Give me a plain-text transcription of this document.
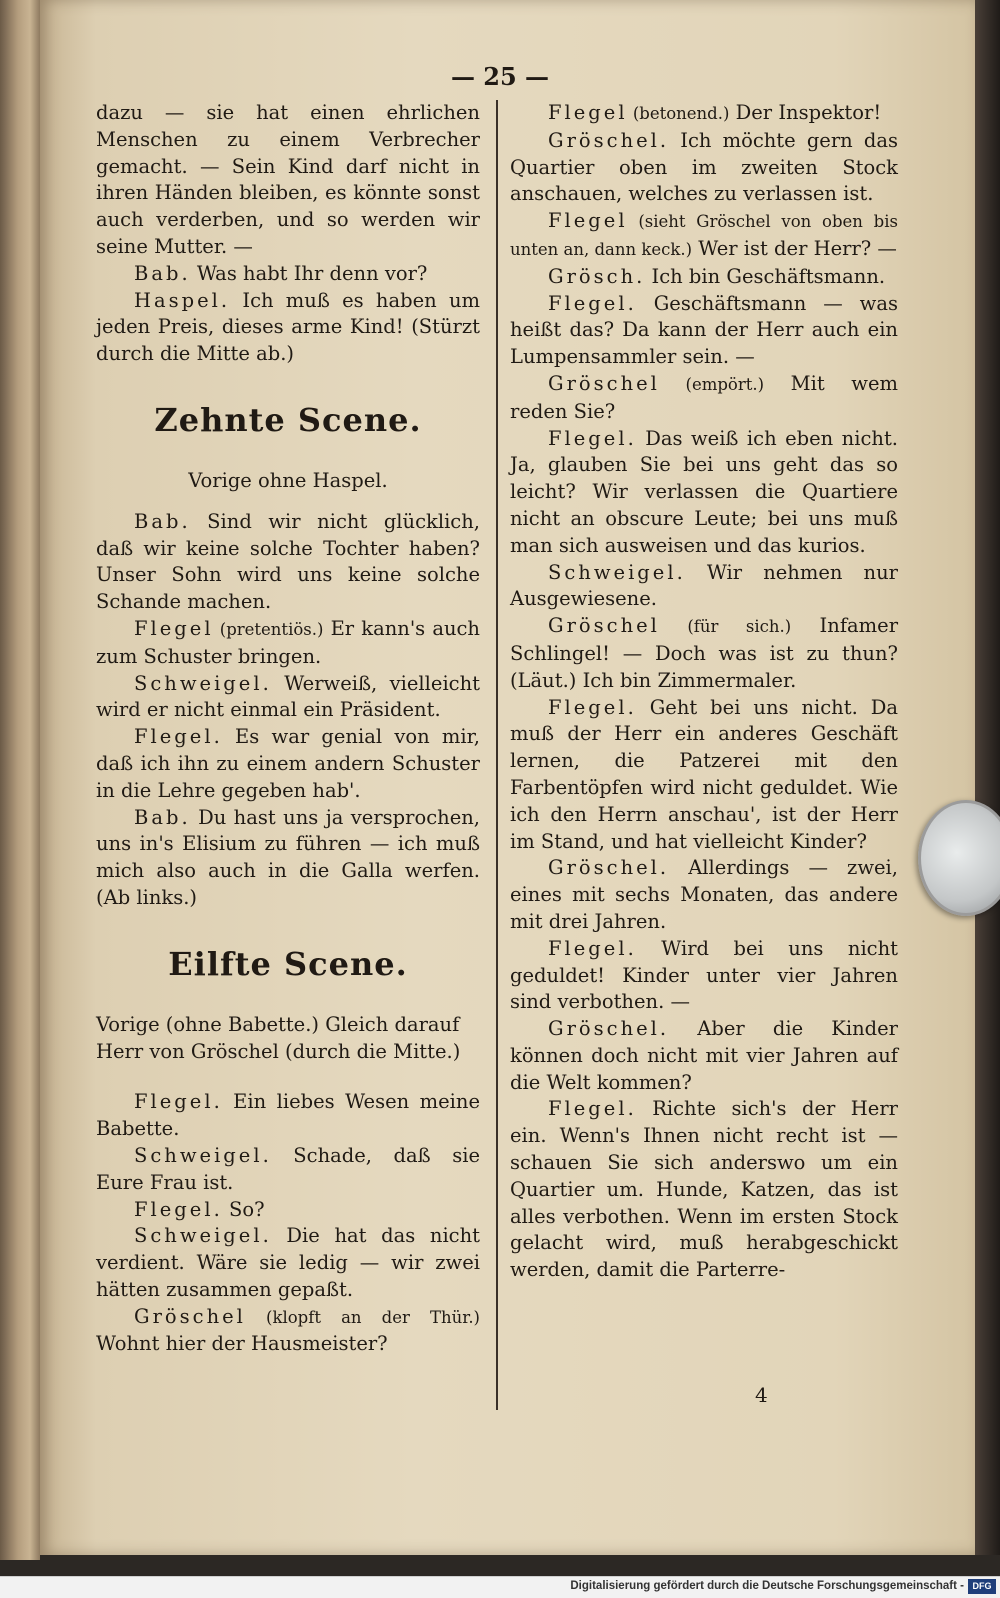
— 25 —

dazu — sie hat einen ehrlichen Menschen zu einem Verbrecher gemacht. — Sein Kind darf nicht in ihren Händen bleiben, es könnte sonst auch verderben, und so werden wir seine Mutter. —

Bab. Was habt Ihr denn vor?

Haspel. Ich muß es haben um jeden Preis, dieses arme Kind! (Stürzt durch die Mitte ab.)

Zehnte Scene.

Vorige ohne Haspel.

Bab. Sind wir nicht glücklich, daß wir keine solche Tochter haben? Unser Sohn wird uns keine solche Schande machen.

Flegel (pretentiös.) Er kann's auch zum Schuster bringen.

Schweigel. Werweiß, vielleicht wird er nicht einmal ein Präsident.

Flegel. Es war genial von mir, daß ich ihn zu einem andern Schuster in die Lehre gegeben hab'.

Bab. Du hast uns ja versprochen, uns in's Elisium zu führen — ich muß mich also auch in die Galla werfen. (Ab links.)

Eilfte Scene.

Vorige (ohne Babette.) Gleich darauf Herr von Gröschel (durch die Mitte.)

Flegel. Ein liebes Wesen meine Babette.

Schweigel. Schade, daß sie Eure Frau ist.

Flegel. So?

Schweigel. Die hat das nicht verdient. Wäre sie ledig — wir zwei hätten zusammen gepaßt.

Gröschel (klopft an der Thür.) Wohnt hier der Hausmeister?

Flegel (betonend.) Der Inspektor!

Gröschel. Ich möchte gern das Quartier oben im zweiten Stock anschauen, welches zu verlassen ist.

Flegel (sieht Gröschel von oben bis unten an, dann keck.) Wer ist der Herr? —

Grösch. Ich bin Geschäftsmann.

Flegel. Geschäftsmann — was heißt das? Da kann der Herr auch ein Lumpensammler sein. —

Gröschel (empört.) Mit wem reden Sie?

Flegel. Das weiß ich eben nicht. Ja, glauben Sie bei uns geht das so leicht? Wir verlassen die Quartiere nicht an obscure Leute; bei uns muß man sich ausweisen und das kurios.

Schweigel. Wir nehmen nur Ausgewiesene.

Gröschel (für sich.) Infamer Schlingel! — Doch was ist zu thun? (Läut.) Ich bin Zimmermaler.

Flegel. Geht bei uns nicht. Da muß der Herr ein anderes Geschäft lernen, die Patzerei mit den Farbentöpfen wird nicht geduldet. Wie ich den Herrn anschau', ist der Herr im Stand, und hat vielleicht Kinder?

Gröschel. Allerdings — zwei, eines mit sechs Monaten, das andere mit drei Jahren.

Flegel. Wird bei uns nicht geduldet! Kinder unter vier Jahren sind verbothen. —

Gröschel. Aber die Kinder können doch nicht mit vier Jahren auf die Welt kommen?

Flegel. Richte sich's der Herr ein. Wenn's Ihnen nicht recht ist — schauen Sie sich anderswo um ein Quartier um. Hunde, Katzen, das ist alles verbothen. Wenn im ersten Stock gelacht wird, muß herabgeschickt werden, damit die Parterre-

4
Digitalisierung gefördert durch die Deutsche Forschungsgemeinschaft - DFG
